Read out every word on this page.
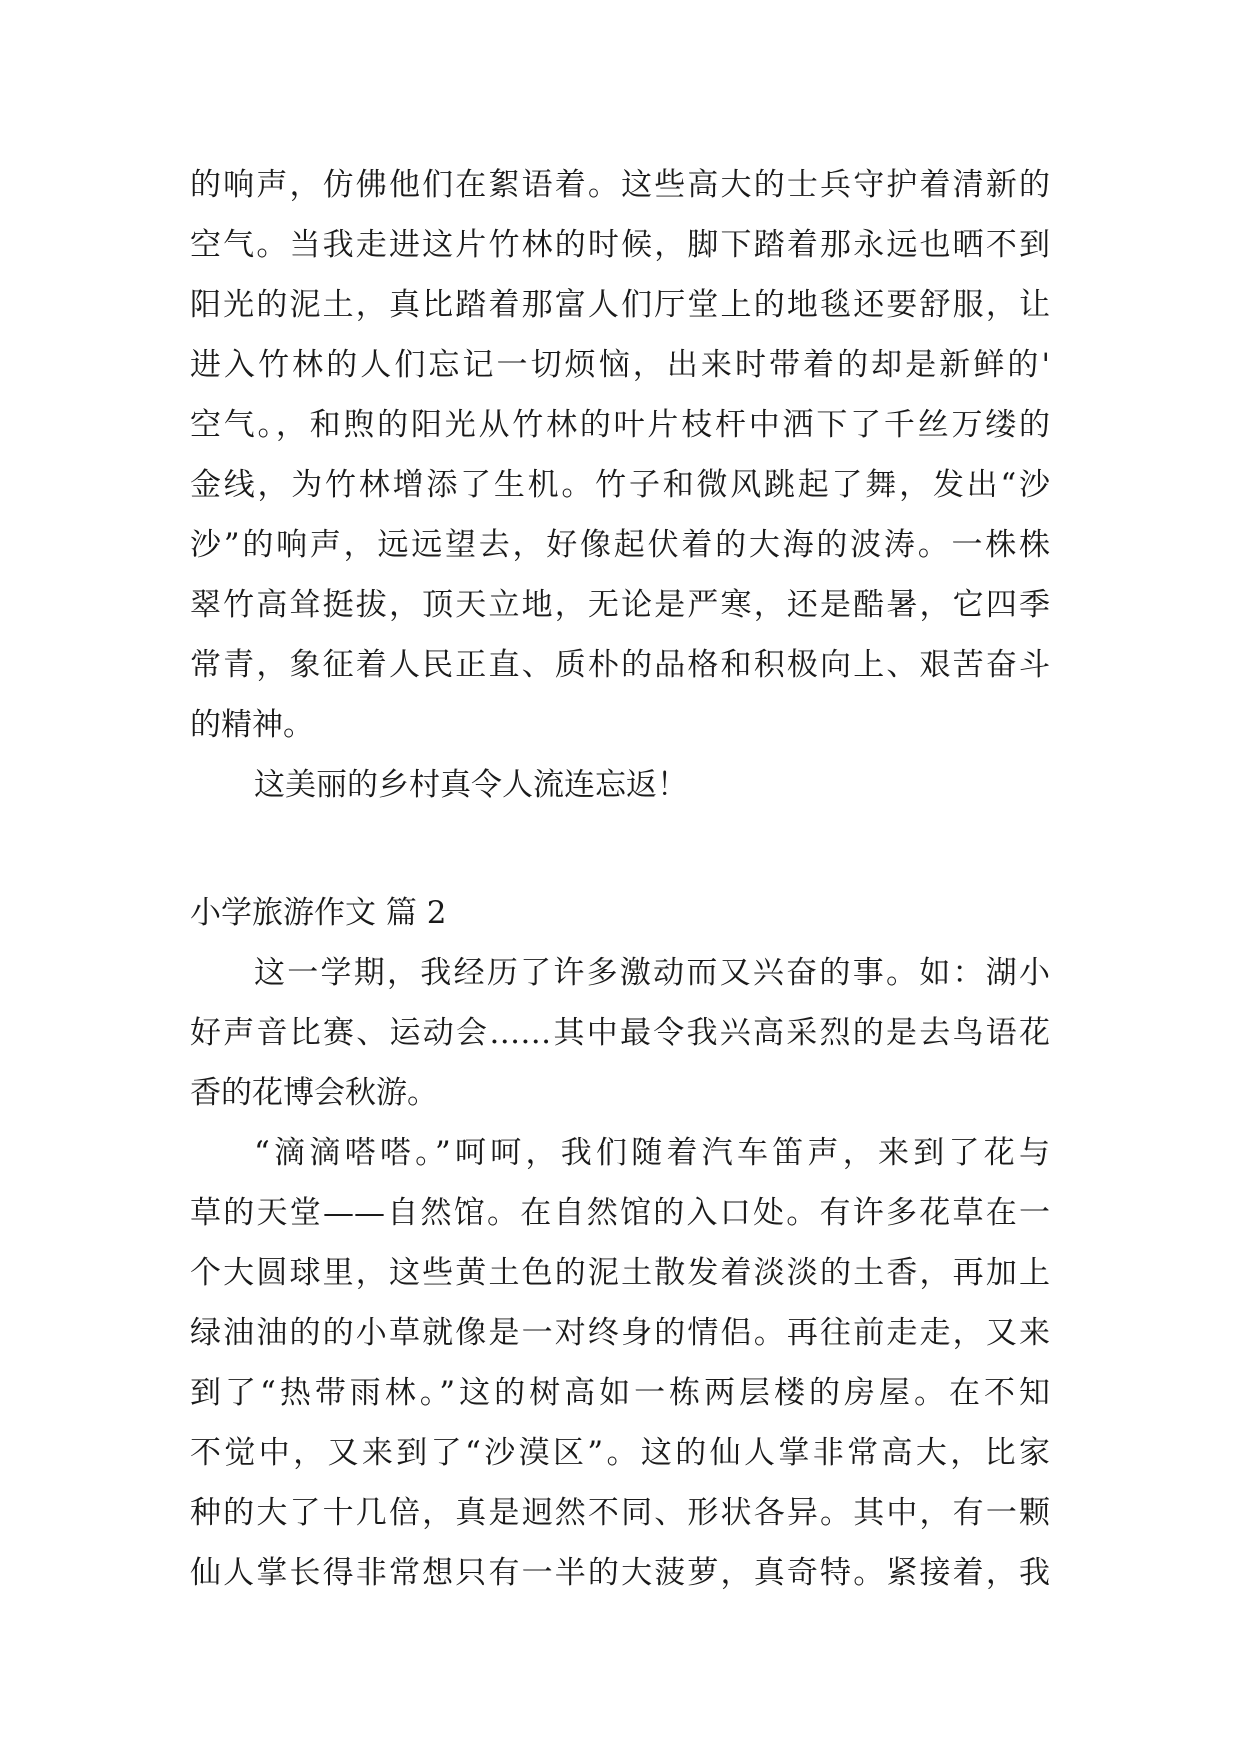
的响声，仿佛他们在絮语着。这些高大的士兵守护着清新的
空气。当我走进这片竹林的时候，脚下踏着那永远也晒不到
阳光的泥土，真比踏着那富人们厅堂上的地毯还要舒服，让
进入竹林的人们忘记一切烦恼，出来时带着的却是新鲜的'
空气。，和煦的阳光从竹林的叶片枝杆中洒下了千丝万缕的
金线，为竹林增添了生机。竹子和微风跳起了舞，发出“沙
沙”的响声，远远望去，好像起伏着的大海的波涛。一株株
翠竹高耸挺拔，顶天立地，无论是严寒，还是酷暑，它四季
常青，象征着人民正直、质朴的品格和积极向上、艰苦奋斗
的精神。
这美丽的乡村真令人流连忘返！
小学旅游作文 篇 2
这一学期，我经历了许多激动而又兴奋的事。如：湖小
好声音比赛、运动会……其中最令我兴高采烈的是去鸟语花
香的花博会秋游。
“滴滴嗒嗒。”呵呵，我们随着汽车笛声，来到了花与
草的天堂——自然馆。在自然馆的入口处。有许多花草在一
个大圆球里，这些黄土色的泥土散发着淡淡的土香，再加上
绿油油的的小草就像是一对终身的情侣。再往前走走，又来
到了“热带雨林。”这的树高如一栋两层楼的房屋。在不知
不觉中，又来到了“沙漠区”。这的仙人掌非常高大，比家
种的大了十几倍，真是迥然不同、形状各异。其中，有一颗
仙人掌长得非常想只有一半的大菠萝，真奇特。紧接着，我
